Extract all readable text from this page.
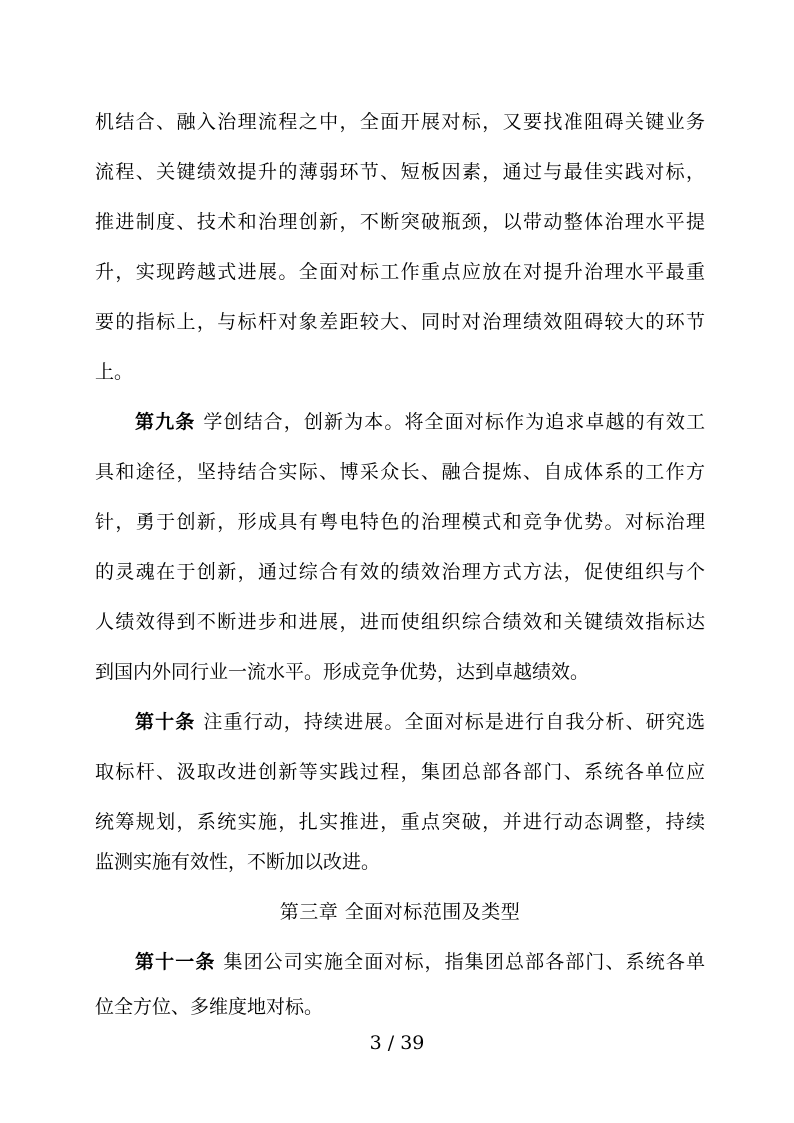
机结合、融入治理流程之中，全面开展对标，又要找准阻碍关键业务
流程、关键绩效提升的薄弱环节、短板因素，通过与最佳实践对标，
推进制度、技术和治理创新，不断突破瓶颈，以带动整体治理水平提
升，实现跨越式进展。全面对标工作重点应放在对提升治理水平最重
要的指标上，与标杆对象差距较大、同时对治理绩效阻碍较大的环节
上。
第九条 学创结合，创新为本。将全面对标作为追求卓越的有效工
具和途径，坚持结合实际、博采众长、融合提炼、自成体系的工作方
针，勇于创新，形成具有粤电特色的治理模式和竞争优势。对标治理
的灵魂在于创新，通过综合有效的绩效治理方式方法，促使组织与个
人绩效得到不断进步和进展，进而使组织综合绩效和关键绩效指标达
到国内外同行业一流水平。形成竞争优势，达到卓越绩效。
第十条 注重行动，持续进展。全面对标是进行自我分析、研究选
取标杆、汲取改进创新等实践过程，集团总部各部门、系统各单位应
统筹规划，系统实施，扎实推进，重点突破，并进行动态调整，持续
监测实施有效性，不断加以改进。
第三章 全面对标范围及类型
第十一条 集团公司实施全面对标，指集团总部各部门、系统各单
位全方位、多维度地对标。
3 / 39
